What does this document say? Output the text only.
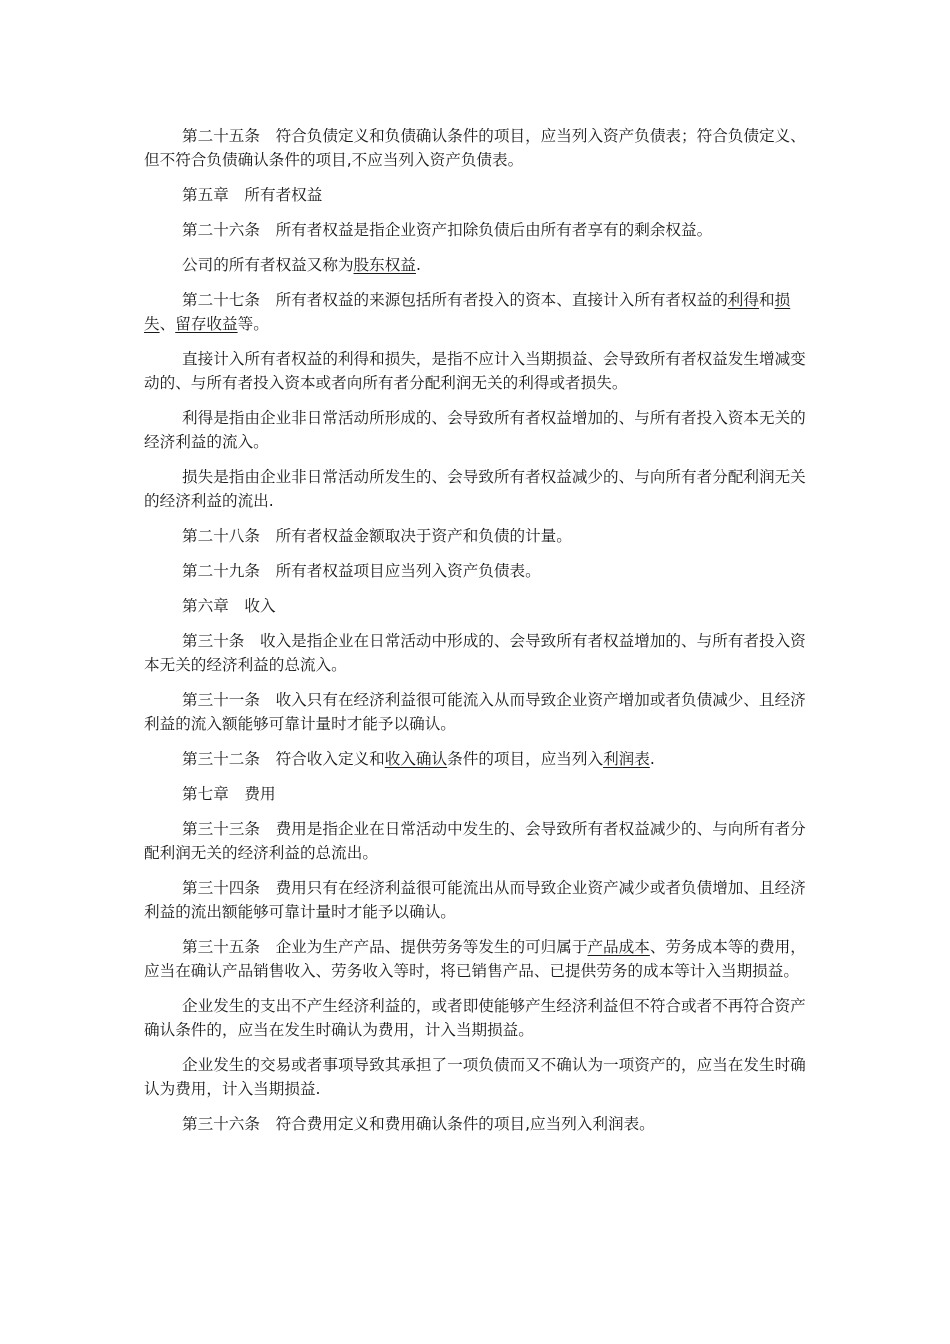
第二十五条　符合负债定义和负债确认条件的项目，应当列入资产负债表；符合负债定义、但不符合负债确认条件的项目,不应当列入资产负债表。

第五章　所有者权益

第二十六条　所有者权益是指企业资产扣除负债后由所有者享有的剩余权益。

公司的所有者权益又称为股东权益.

第二十七条　所有者权益的来源包括所有者投入的资本、直接计入所有者权益的利得和损失、留存收益等。

直接计入所有者权益的利得和损失，是指不应计入当期损益、会导致所有者权益发生增减变动的、与所有者投入资本或者向所有者分配利润无关的利得或者损失。

利得是指由企业非日常活动所形成的、会导致所有者权益增加的、与所有者投入资本无关的经济利益的流入。

损失是指由企业非日常活动所发生的、会导致所有者权益减少的、与向所有者分配利润无关的经济利益的流出.

第二十八条　所有者权益金额取决于资产和负债的计量。

第二十九条　所有者权益项目应当列入资产负债表。

第六章　收入

第三十条　收入是指企业在日常活动中形成的、会导致所有者权益增加的、与所有者投入资本无关的经济利益的总流入。

第三十一条　收入只有在经济利益很可能流入从而导致企业资产增加或者负债减少、且经济利益的流入额能够可靠计量时才能予以确认。

第三十二条　符合收入定义和收入确认条件的项目，应当列入利润表.

第七章　费用

第三十三条　费用是指企业在日常活动中发生的、会导致所有者权益减少的、与向所有者分配利润无关的经济利益的总流出。

第三十四条　费用只有在经济利益很可能流出从而导致企业资产减少或者负债增加、且经济利益的流出额能够可靠计量时才能予以确认。

第三十五条　企业为生产产品、提供劳务等发生的可归属于产品成本、劳务成本等的费用，应当在确认产品销售收入、劳务收入等时，将已销售产品、已提供劳务的成本等计入当期损益。

企业发生的支出不产生经济利益的，或者即使能够产生经济利益但不符合或者不再符合资产确认条件的，应当在发生时确认为费用，计入当期损益。

企业发生的交易或者事项导致其承担了一项负债而又不确认为一项资产的，应当在发生时确认为费用，计入当期损益.

第三十六条　符合费用定义和费用确认条件的项目,应当列入利润表。
